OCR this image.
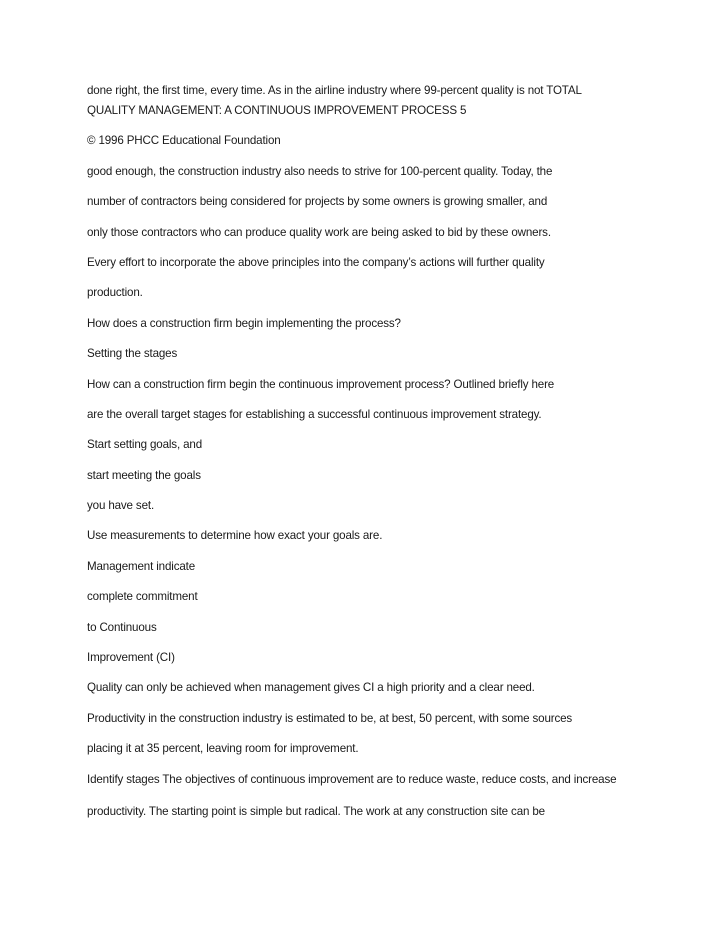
done right, the first time, every time. As in the airline industry where 99-percent quality is not TOTAL
QUALITY MANAGEMENT: A CONTINUOUS IMPROVEMENT PROCESS 5
© 1996 PHCC Educational Foundation
good enough, the construction industry also needs to strive for 100-percent quality. Today, the
number of contractors being considered for projects by some owners is growing smaller, and
only those contractors who can produce quality work are being asked to bid by these owners.
Every effort to incorporate the above principles into the company’s actions will further quality
production.
How does a construction firm begin implementing the process?
Setting the stages
How can a construction firm begin the continuous improvement process? Outlined briefly here
are the overall target stages for establishing a successful continuous improvement strategy.
Start setting goals, and
start meeting the goals
you have set.
Use measurements to determine how exact your goals are.
Management indicate
complete commitment
to Continuous
Improvement (CI)
Quality can only be achieved when management gives CI a high priority and a clear need.
Productivity in the construction industry is estimated to be, at best, 50 percent, with some sources
placing it at 35 percent, leaving room for improvement.
Identify stages The objectives of continuous improvement are to reduce waste, reduce costs, and increase
productivity. The starting point is simple but radical. The work at any construction site can be
